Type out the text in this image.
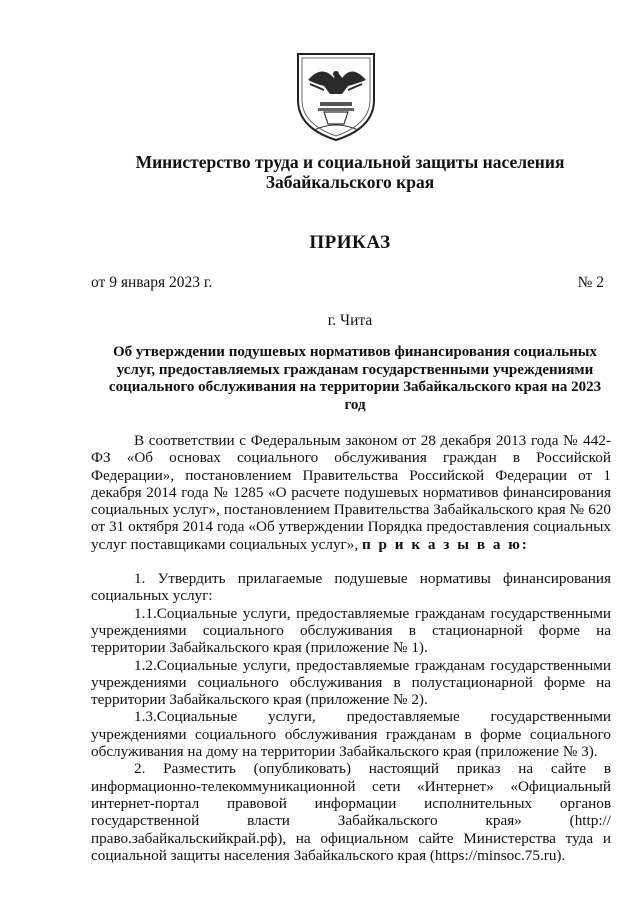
Министерство труда и социальной защиты населения
Забайкальского края
ПРИКАЗ
от 9 января 2023 г.	№ 2
г. Чита
Об утверждении подушевых нормативов финансирования социальных услуг, предоставляемых гражданам государственными учреждениями социального обслуживания на территории Забайкальского края на 2023 год

В соответствии с Федеральным законом от 28 декабря 2013 года № 442-ФЗ «Об основах социального обслуживания граждан в Российской Федерации», постановлением Правительства Российской Федерации от 1 декабря 2014 года № 1285 «О расчете подушевых нормативов финансирования социальных услуг», постановлением Правительства Забайкальского края № 620 от 31 октября 2014 года «Об утверждении Порядка предоставления социальных услуг поставщиками социальных услуг», п р и к а з ы в а ю:

1. Утвердить прилагаемые подушевые нормативы финансирования социальных услуг:

1.1.Социальные услуги, предоставляемые гражданам государственными учреждениями социального обслуживания в стационарной форме на территории Забайкальского края (приложение № 1).

1.2.Социальные услуги, предоставляемые гражданам государственными учреждениями социального обслуживания в полустационарной форме на территории Забайкальского края (приложение № 2).

1.3.Социальные услуги, предоставляемые государственными учреждениями социального обслуживания гражданам в форме социального обслуживания на дому на территории Забайкальского края (приложение № 3).

2. Разместить (опубликовать) настоящий приказ на сайте в информационно-телекоммуникационной сети «Интернет» «Официальный интернет-портал правовой информации исполнительных органов государственной власти Забайкальского края» (http://право.забайкальскийкрай.рф), на официальном сайте Министерства туда и социальной защиты населения Забайкальского края (https://minsoc.75.ru).
